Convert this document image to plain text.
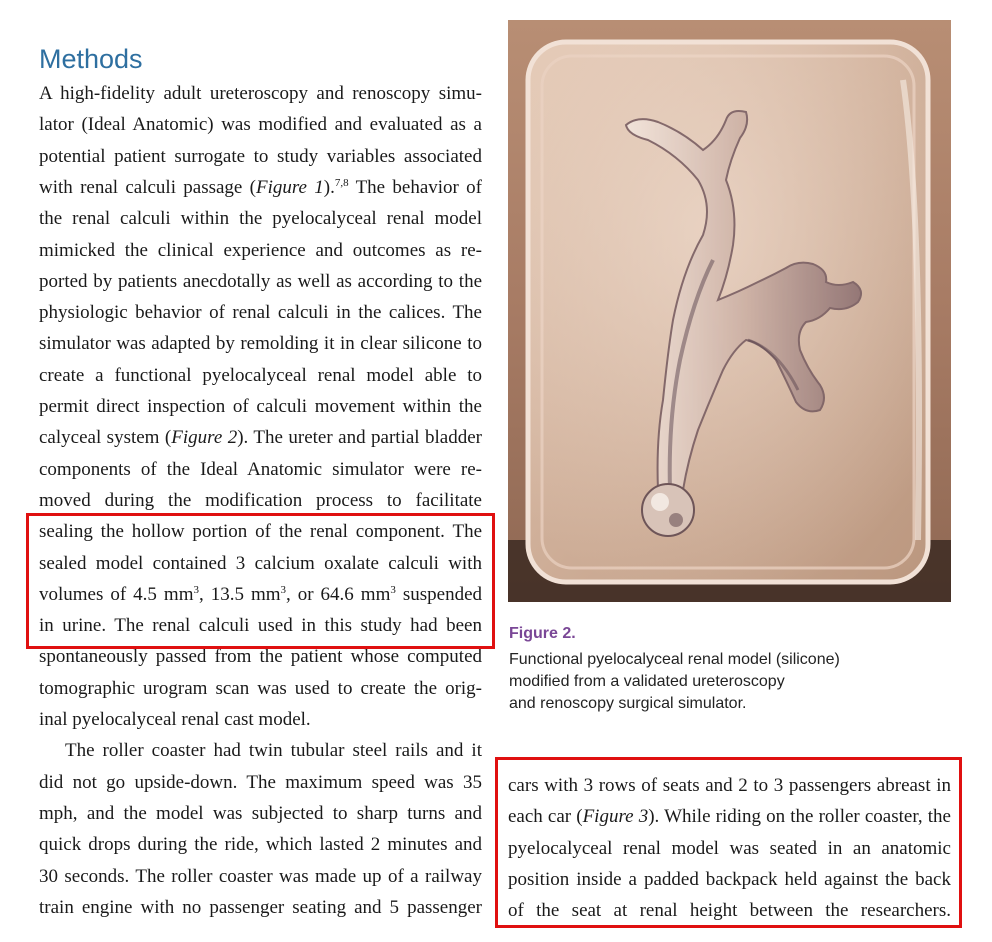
Methods

A high-fidelity adult ureteroscopy and renoscopy simu-

lator (Ideal Anatomic) was modified and evaluated as a

potential patient surrogate to study variables associated

with renal calculi passage (Figure 1).$^{7,8}$ The behavior of

the renal calculi within the pyelocalyceal renal model

mimicked the clinical experience and outcomes as re-

ported by patients anecdotally as well as according to the

physiologic behavior of renal calculi in the calices. The

simulator was adapted by remolding it in clear silicone to

create a functional pyelocalyceal renal model able to

permit direct inspection of calculi movement within the

calyceal system (Figure 2). The ureter and partial bladder

components of the Ideal Anatomic simulator were re-

moved during the modification process to facilitate

sealing the hollow portion of the renal component. The

sealed model contained 3 calcium oxalate calculi with

volumes of 4.5 $mm^3$, 13.5 $mm^3$, or 64.6 $mm^3$ suspended

in urine. The renal calculi used in this study had been

spontaneously passed from the patient whose computed

tomographic urogram scan was used to create the orig-

inal pyelocalyceal renal cast model.

The roller coaster had twin tubular steel rails and it

did not go upside-down. The maximum speed was 35

mph, and the model was subjected to sharp turns and

quick drops during the ride, which lasted 2 minutes and

30 seconds. The roller coaster was made up of a railway

train engine with no passenger seating and 5 passenger

Figure 2.

Functional pyelocalyceal renal model (silicone)

modified from a validated ureteroscopy

and renoscopy surgical simulator.

cars with 3 rows of seats and 2 to 3 passengers abreast in

each car (Figure 3). While riding on the roller coaster, the

pyelocalyceal renal model was seated in an anatomic

position inside a padded backpack held against the back

of the seat at renal height between the researchers.
